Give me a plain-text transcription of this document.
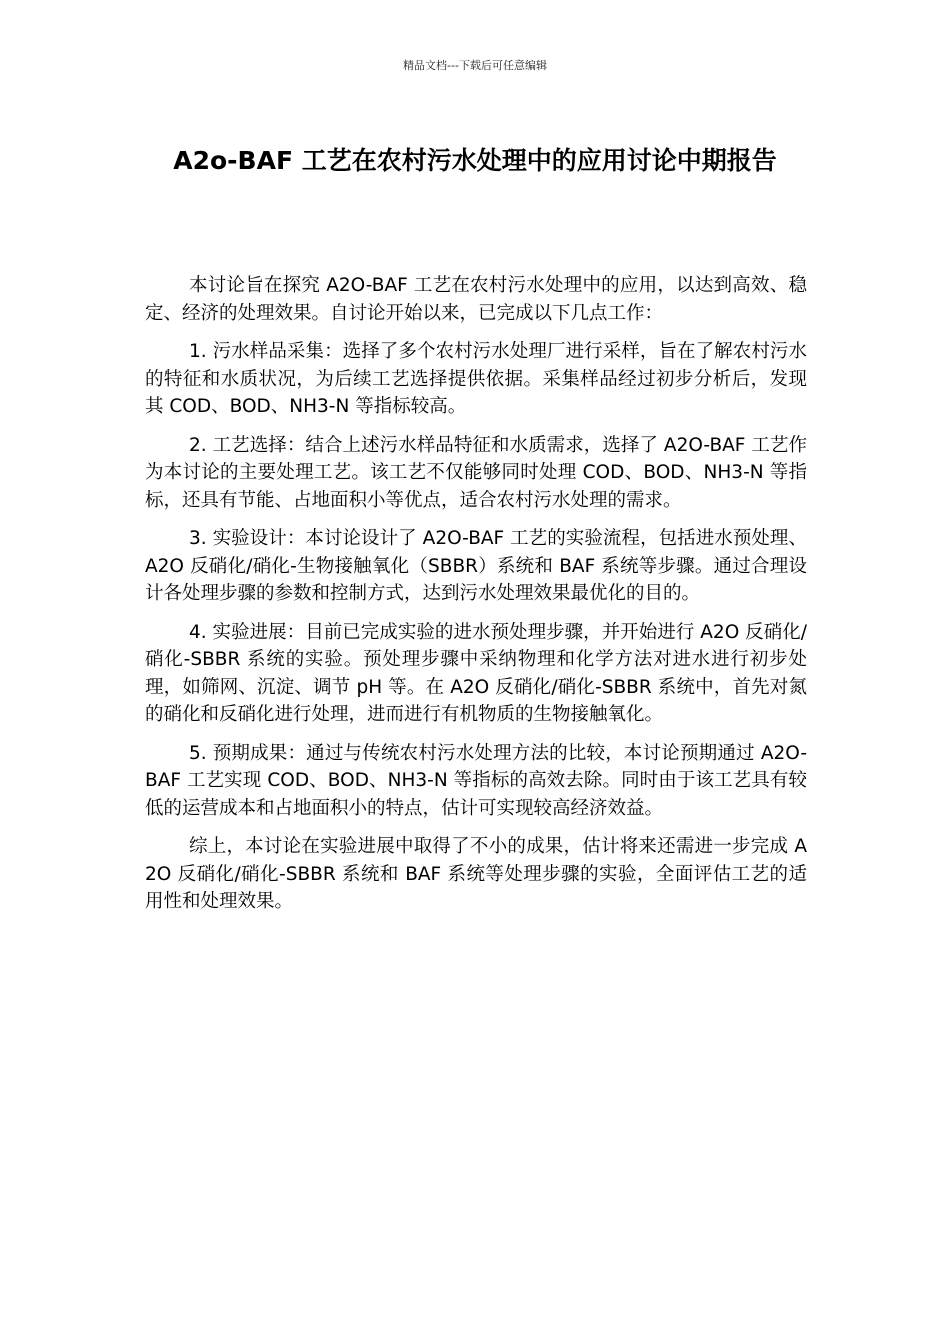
精品文档---下载后可任意编辑
A2o-BAF 工艺在农村污水处理中的应用讨论中期报告

本讨论旨在探究 A2O-BAF 工艺在农村污水处理中的应用，以达到高效、稳定、经济的处理效果。自讨论开始以来，已完成以下几点工作：

1. 污水样品采集：选择了多个农村污水处理厂进行采样，旨在了解农村污水的特征和水质状况，为后续工艺选择提供依据。采集样品经过初步分析后，发现其 COD、BOD、NH3-N 等指标较高。

2. 工艺选择：结合上述污水样品特征和水质需求，选择了 A2O-BAF 工艺作为本讨论的主要处理工艺。该工艺不仅能够同时处理 COD、BOD、NH3-N 等指标，还具有节能、占地面积小等优点，适合农村污水处理的需求。

3. 实验设计：本讨论设计了 A2O-BAF 工艺的实验流程，包括进水预处理、A2O 反硝化/硝化-生物接触氧化（SBBR）系统和 BAF 系统等步骤。通过合理设计各处理步骤的参数和控制方式，达到污水处理效果最优化的目的。

4. 实验进展：目前已完成实验的进水预处理步骤，并开始进行 A2O 反硝化/硝化-SBBR 系统的实验。预处理步骤中采纳物理和化学方法对进水进行初步处理，如筛网、沉淀、调节 pH 等。在 A2O 反硝化/硝化-SBBR 系统中，首先对氮的硝化和反硝化进行处理，进而进行有机物质的生物接触氧化。

5. 预期成果：通过与传统农村污水处理方法的比较，本讨论预期通过 A2O-BAF 工艺实现 COD、BOD、NH3-N 等指标的高效去除。同时由于该工艺具有较低的运营成本和占地面积小的特点，估计可实现较高经济效益。

综上，本讨论在实验进展中取得了不小的成果，估计将来还需进一步完成 A2O 反硝化/硝化-SBBR 系统和 BAF 系统等处理步骤的实验，全面评估工艺的适用性和处理效果。
